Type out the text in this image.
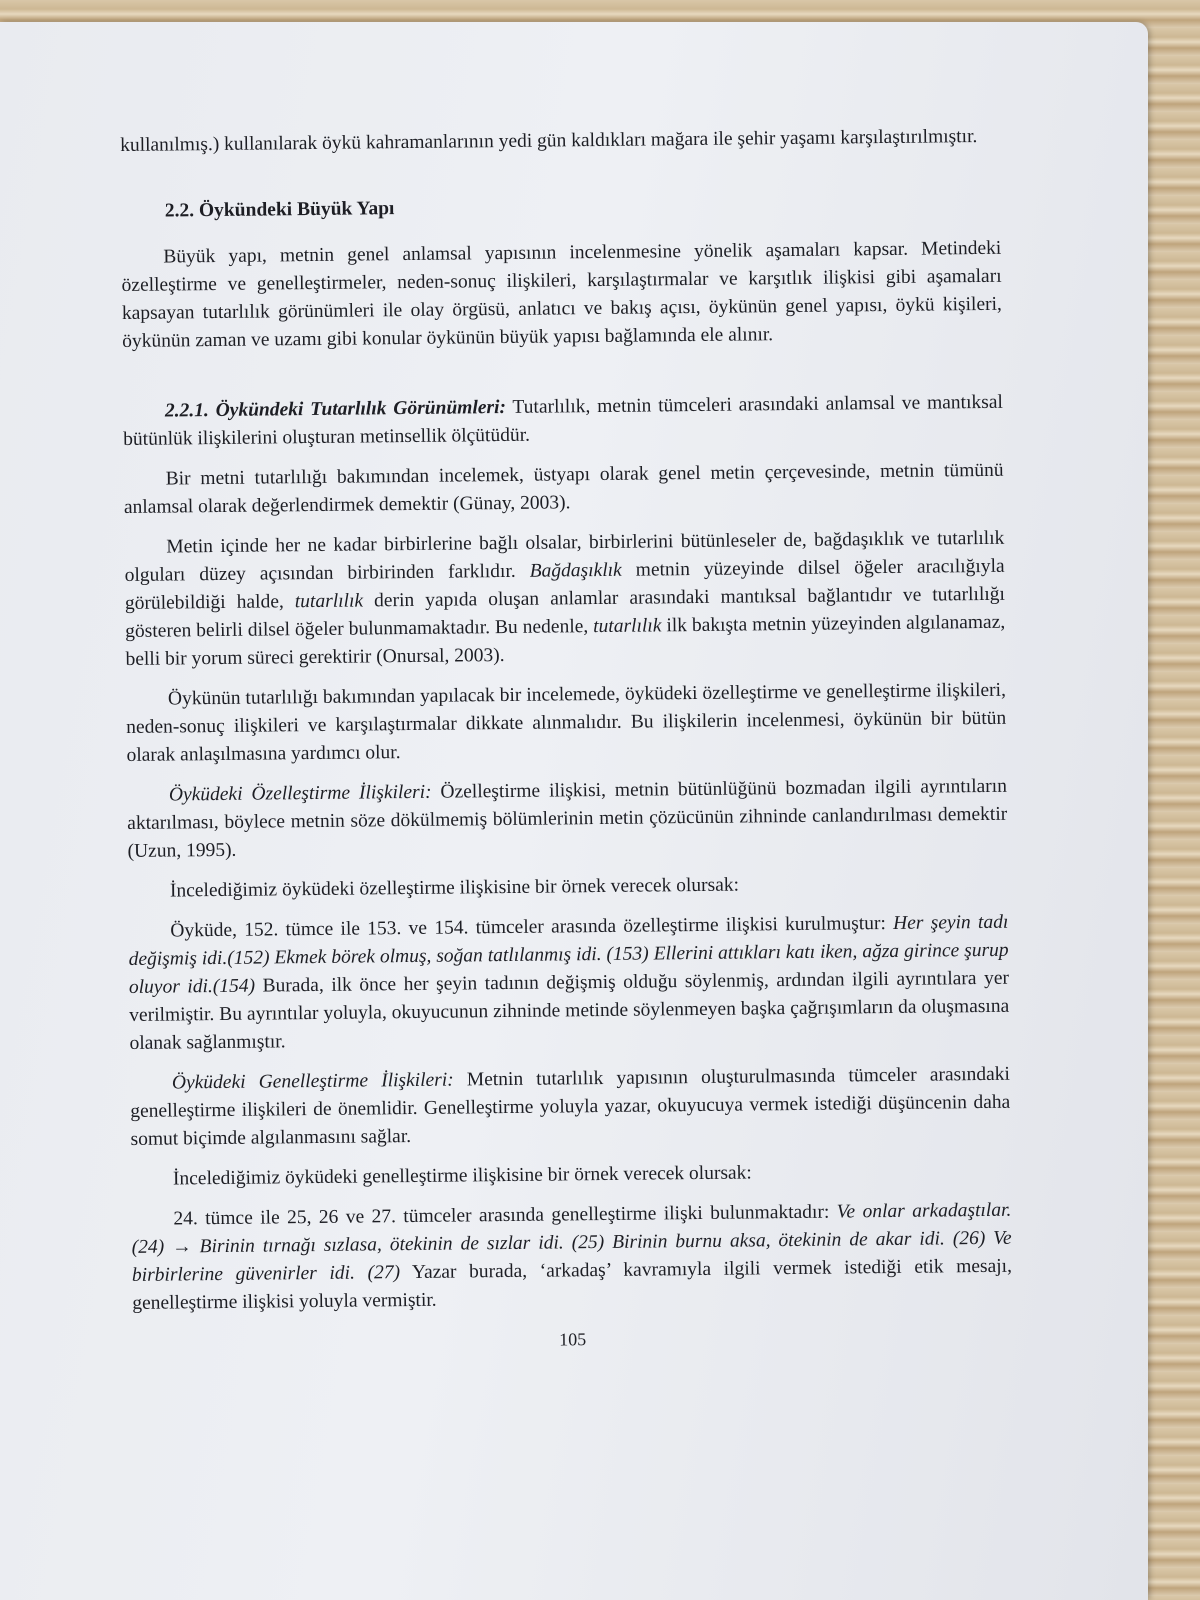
kullanılmış.) kullanılarak öykü kahramanlarının yedi gün kaldıkları mağara ile şehir yaşamı karşılaştırılmıştır.

2.2. Öykündeki Büyük Yapı

Büyük yapı, metnin genel anlamsal yapısının incelenmesine yönelik aşamaları kapsar. Metindeki özelleştirme ve genelleştirmeler, neden-sonuç ilişkileri, karşılaştırmalar ve karşıtlık ilişkisi gibi aşamaları kapsayan tutarlılık görünümleri ile olay örgüsü, anlatıcı ve bakış açısı, öykünün genel yapısı, öykü kişileri, öykünün zaman ve uzamı gibi konular öykünün büyük yapısı bağlamında ele alınır.

2.2.1. Öykündeki Tutarlılık Görünümleri: Tutarlılık, metnin tümceleri arasındaki anlamsal ve mantıksal bütünlük ilişkilerini oluşturan metinsellik ölçütüdür.

Bir metni tutarlılığı bakımından incelemek, üstyapı olarak genel metin çerçevesinde, metnin tümünü anlamsal olarak değerlendirmek demektir (Günay, 2003).

Metin içinde her ne kadar birbirlerine bağlı olsalar, birbirlerini bütünleseler de, bağdaşıklık ve tutarlılık olguları düzey açısından birbirinden farklıdır. Bağdaşıklık metnin yüzeyinde dilsel öğeler aracılığıyla görülebildiği halde, tutarlılık derin yapıda oluşan anlamlar arasındaki mantıksal bağlantıdır ve tutarlılığı gösteren belirli dilsel öğeler bulunmamaktadır. Bu nedenle, tutarlılık ilk bakışta metnin yüzeyinden algılanamaz, belli bir yorum süreci gerektirir (Onursal, 2003).

Öykünün tutarlılığı bakımından yapılacak bir incelemede, öyküdeki özelleştirme ve genelleştirme ilişkileri, neden-sonuç ilişkileri ve karşılaştırmalar dikkate alınmalıdır. Bu ilişkilerin incelenmesi, öykünün bir bütün olarak anlaşılmasına yardımcı olur.

Öyküdeki Özelleştirme İlişkileri: Özelleştirme ilişkisi, metnin bütünlüğünü bozmadan ilgili ayrıntıların aktarılması, böylece metnin söze dökülmemiş bölümlerinin metin çözücünün zihninde canlandırılması demektir (Uzun, 1995).

İncelediğimiz öyküdeki özelleştirme ilişkisine bir örnek verecek olursak:

Öyküde, 152. tümce ile 153. ve 154. tümceler arasında özelleştirme ilişkisi kurulmuştur: Her şeyin tadı değişmiş idi.(152) Ekmek börek olmuş, soğan tatlılanmış idi. (153) Ellerini attıkları katı iken, ağza girince şurup oluyor idi.(154) Burada, ilk önce her şeyin tadının değişmiş olduğu söylenmiş, ardından ilgili ayrıntılara yer verilmiştir. Bu ayrıntılar yoluyla, okuyucunun zihninde metinde söylenmeyen başka çağrışımların da oluşmasına olanak sağlanmıştır.

Öyküdeki Genelleştirme İlişkileri: Metnin tutarlılık yapısının oluşturulmasında tümceler arasındaki genelleştirme ilişkileri de önemlidir. Genelleştirme yoluyla yazar, okuyucuya vermek istediği düşüncenin daha somut biçimde algılanmasını sağlar.

İncelediğimiz öyküdeki genelleştirme ilişkisine bir örnek verecek olursak:

24. tümce ile 25, 26 ve 27. tümceler arasında genelleştirme ilişki bulunmaktadır: Ve onlar arkadaştılar. (24) → Birinin tırnağı sızlasa, ötekinin de sızlar idi. (25) Birinin burnu aksa, ötekinin de akar idi. (26) Ve birbirlerine güvenirler idi. (27) Yazar burada, ‘arkadaş’ kavramıyla ilgili vermek istediği etik mesajı, genelleştirme ilişkisi yoluyla vermiştir.

105
